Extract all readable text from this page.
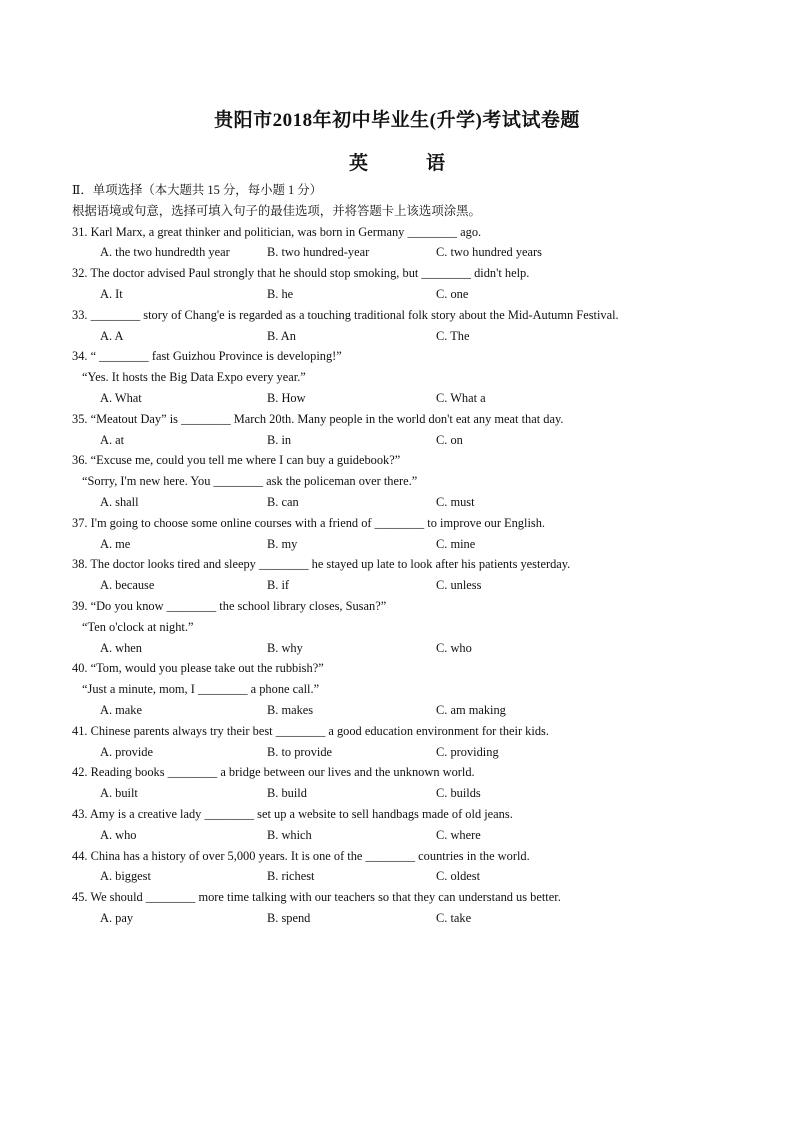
贵阳市2018年初中毕业生(升学)考试试卷题
英	语
Ⅱ．单项选择（本大题共 15 分，每小题 1 分）
根据语境或句意，选择可填入句子的最佳选项，并将答题卡上该选项涂黑。
31. Karl Marx, a great thinker and politician, was born in Germany ________ ago.
A. the two hundredth year	B. two hundred-year	C. two hundred years
32. The doctor advised Paul strongly that he should stop smoking, but ________ didn't help.
A. It	B. he	C. one
33. ________ story of Chang'e is regarded as a touching traditional folk story about the Mid-Autumn Festival.
A. A	B. An	C. The
34. “ ________ fast Guizhou Province is developing!”
“Yes. It hosts the Big Data Expo every year.”
A. What	B. How	C. What a
35. “Meatout Day” is ________ March 20th. Many people in the world don't eat any meat that day.
A. at	B. in	C. on
36. “Excuse me, could you tell me where I can buy a guidebook?”
“Sorry, I'm new here. You ________ ask the policeman over there.”
A. shall	B. can	C. must
37. I'm going to choose some online courses with a friend of ________ to improve our English.
A. me	B. my	C. mine
38. The doctor looks tired and sleepy ________ he stayed up late to look after his patients yesterday.
A. because	B. if	C. unless
39. “Do you know ________ the school library closes, Susan?”
“Ten o'clock at night.”
A. when	B. why	C. who
40. “Tom, would you please take out the rubbish?”
“Just a minute, mom, I ________ a phone call.”
A. make	B. makes	C. am making
41. Chinese parents always try their best ________ a good education environment for their kids.
A. provide	B. to provide	C. providing
42. Reading books ________ a bridge between our lives and the unknown world.
A. built	B. build	C. builds
43. Amy is a creative lady ________ set up a website to sell handbags made of old jeans.
A. who	B. which	C. where
44. China has a history of over 5,000 years. It is one of the ________ countries in the world.
A. biggest	B. richest	C. oldest
45. We should ________ more time talking with our teachers so that they can understand us better.
A. pay	B. spend	C. take
